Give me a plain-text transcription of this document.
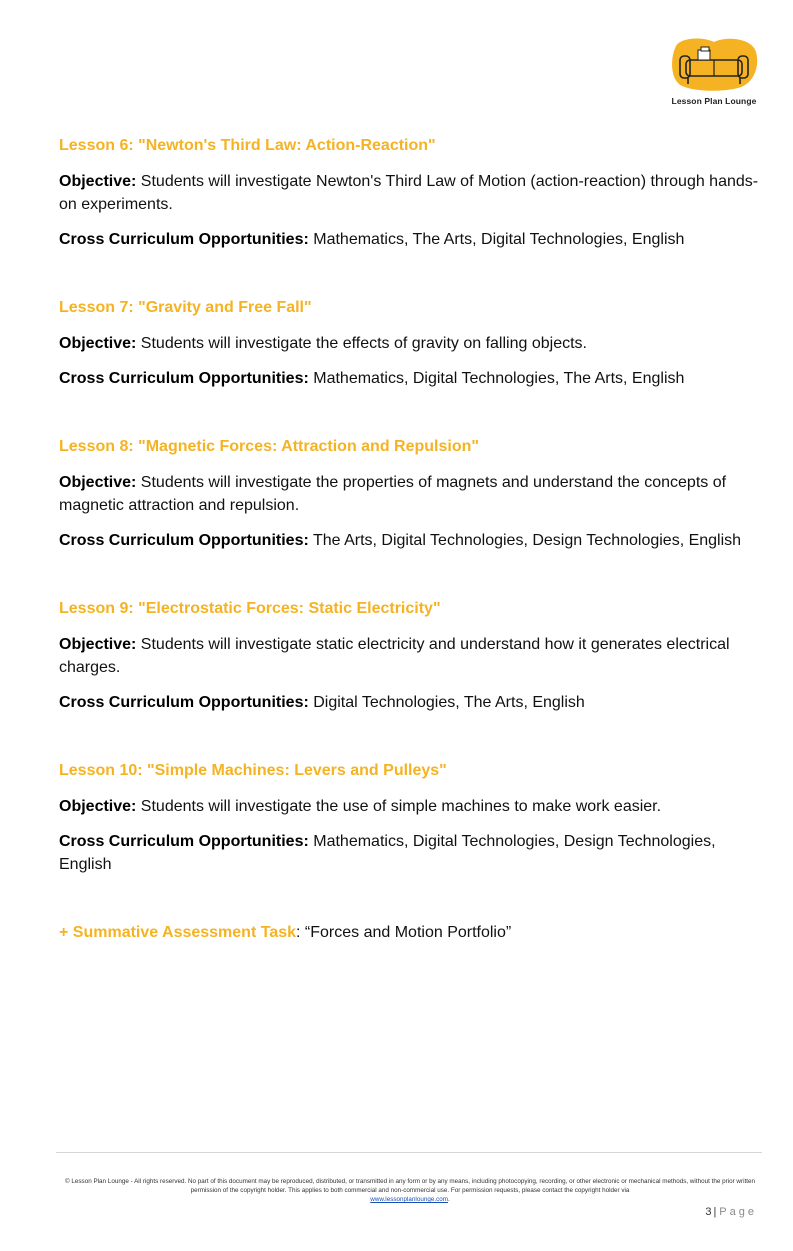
Lesson Plan Lounge
Lesson 6: "Newton's Third Law: Action-Reaction"
Objective: Students will investigate Newton's Third Law of Motion (action-reaction) through hands-on experiments.
Cross Curriculum Opportunities: Mathematics, The Arts, Digital Technologies, English
Lesson 7: "Gravity and Free Fall"
Objective: Students will investigate the effects of gravity on falling objects.
Cross Curriculum Opportunities: Mathematics, Digital Technologies, The Arts, English
Lesson 8: "Magnetic Forces: Attraction and Repulsion"
Objective: Students will investigate the properties of magnets and understand the concepts of magnetic attraction and repulsion.
Cross Curriculum Opportunities: The Arts, Digital Technologies, Design Technologies, English
Lesson 9: "Electrostatic Forces: Static Electricity"
Objective: Students will investigate static electricity and understand how it generates electrical charges.
Cross Curriculum Opportunities: Digital Technologies, The Arts, English
Lesson 10: "Simple Machines: Levers and Pulleys"
Objective: Students will investigate the use of simple machines to make work easier.
Cross Curriculum Opportunities: Mathematics, Digital Technologies, Design Technologies, English
+ Summative Assessment Task: “Forces and Motion Portfolio”
© Lesson Plan Lounge - All rights reserved. No part of this document may be reproduced, distributed, or transmitted in any form or by any means, including photocopying, recording, or other electronic or mechanical methods, without the prior written permission of the copyright holder. This applies to both commercial and non-commercial use. For permission requests, please contact the copyright holder via
www.lessonplanlounge.com.
3 | Page
